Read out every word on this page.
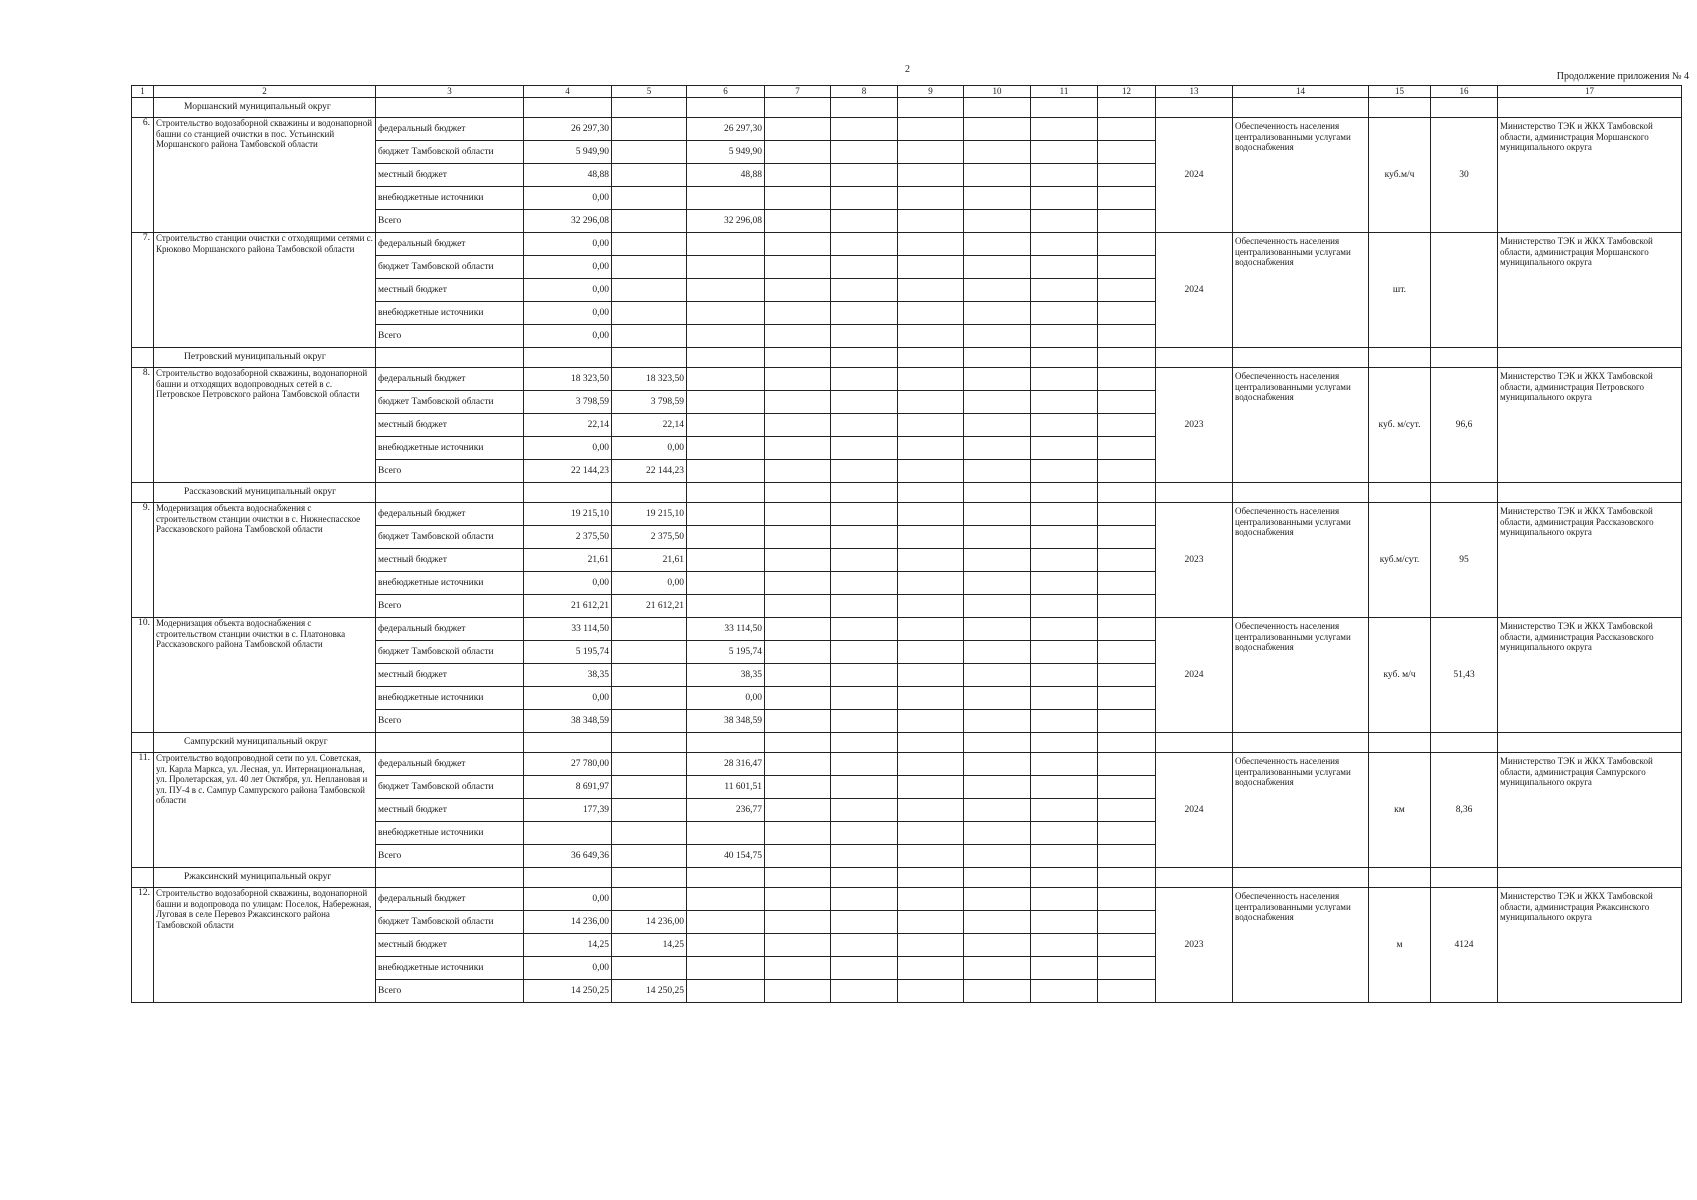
2
Продолжение приложения № 4
1	2	3	4	5	6	7	8	9	10	11	12	13	14	15	16	17
	Моршанский муниципальный округ															
6.	Строительство водозаборной скважины и водонапорной башни со станцией очистки в пос. Устьинский Моршанского района Тамбовской области	федеральный бюджет	26 297,30		26 297,30							2024	Обеспеченность населения централизованными услугами водоснабжения	куб.м/ч	30	Министерство ТЭК и ЖКХ Тамбовской области, администрация Моршанского муниципального округа
		бюджет Тамбовской области	5 949,90		5 949,90											
		местный бюджет	48,88		48,88											
		внебюджетные источники	0,00													
		Всего	32 296,08		32 296,08											
7.	Строительство станции очистки с отходящими сетями с. Крюково Моршанского района Тамбовской области	федеральный бюджет	0,00									2024	Обеспеченность населения централизованными услугами водоснабжения	шт.		Министерство ТЭК и ЖКХ Тамбовской области, администрация Моршанского муниципального округа
		бюджет Тамбовской области	0,00													
		местный бюджет	0,00													
		внебюджетные источники	0,00													
		Всего	0,00													
	Петровский муниципальный округ															
8.	Строительство водозаборной скважины, водонапорной башни и отходящих водопроводных сетей в с. Петровское Петровского района Тамбовской области	федеральный бюджет	18 323,50	18 323,50								2023	Обеспеченность населения централизованными услугами водоснабжения	куб. м/сут.	96,6	Министерство ТЭК и ЖКХ Тамбовской области, администрация Петровского муниципального округа
		бюджет Тамбовской области	3 798,59	3 798,59												
		местный бюджет	22,14	22,14												
		внебюджетные источники	0,00	0,00												
		Всего	22 144,23	22 144,23												
	Рассказовский муниципальный округ															
9.	Модернизация объекта водоснабжения с строительством станции очистки в с. Нижнеспасское Рассказовского района Тамбовской области	федеральный бюджет	19 215,10	19 215,10								2023	Обеспеченность населения централизованными услугами водоснабжения	куб.м/сут.	95	Министерство ТЭК и ЖКХ Тамбовской области, администрация Рассказовского муниципального округа
		бюджет Тамбовской области	2 375,50	2 375,50												
		местный бюджет	21,61	21,61												
		внебюджетные источники	0,00	0,00												
		Всего	21 612,21	21 612,21												
10.	Модернизация объекта водоснабжения с строительством станции очистки в с. Платоновка Рассказовского района Тамбовской области	федеральный бюджет	33 114,50		33 114,50							2024	Обеспеченность населения централизованными услугами водоснабжения	куб. м/ч	51,43	Министерство ТЭК и ЖКХ Тамбовской области, администрация Рассказовского муниципального округа
		бюджет Тамбовской области	5 195,74		5 195,74											
		местный бюджет	38,35		38,35											
		внебюджетные источники	0,00		0,00											
		Всего	38 348,59		38 348,59											
	Сампурский муниципальный округ															
11.	Строительство водопроводной сети по ул. Советская, ул. Карла Маркса, ул. Лесная, ул. Интернациональная, ул. Пролетарская, ул. 40 лет Октября, ул. Неплановая и ул. ПУ-4 в с. Сампур Сампурского района Тамбовской области	федеральный бюджет	27 780,00		28 316,47							2024	Обеспеченность населения централизованными услугами водоснабжения	км	8,36	Министерство ТЭК и ЖКХ Тамбовской области, администрация Сампурского муниципального округа
		бюджет Тамбовской области	8 691,97		11 601,51											
		местный бюджет	177,39		236,77											
		внебюджетные источники														
		Всего	36 649,36		40 154,75											
	Ржаксинский муниципальный округ															
12.	Строительство водозаборной скважины, водонапорной башни и водопровода по улицам: Поселок, Набережная, Луговая в селе Перевоз Ржаксинского района Тамбовской области	федеральный бюджет	0,00									2023	Обеспеченность населения централизованными услугами водоснабжения	м	4124	Министерство ТЭК и ЖКХ Тамбовской области, администрация Ржаксинского муниципального округа
		бюджет Тамбовской области	14 236,00	14 236,00												
		местный бюджет	14,25	14,25												
		внебюджетные источники	0,00													
		Всего	14 250,25	14 250,25												
